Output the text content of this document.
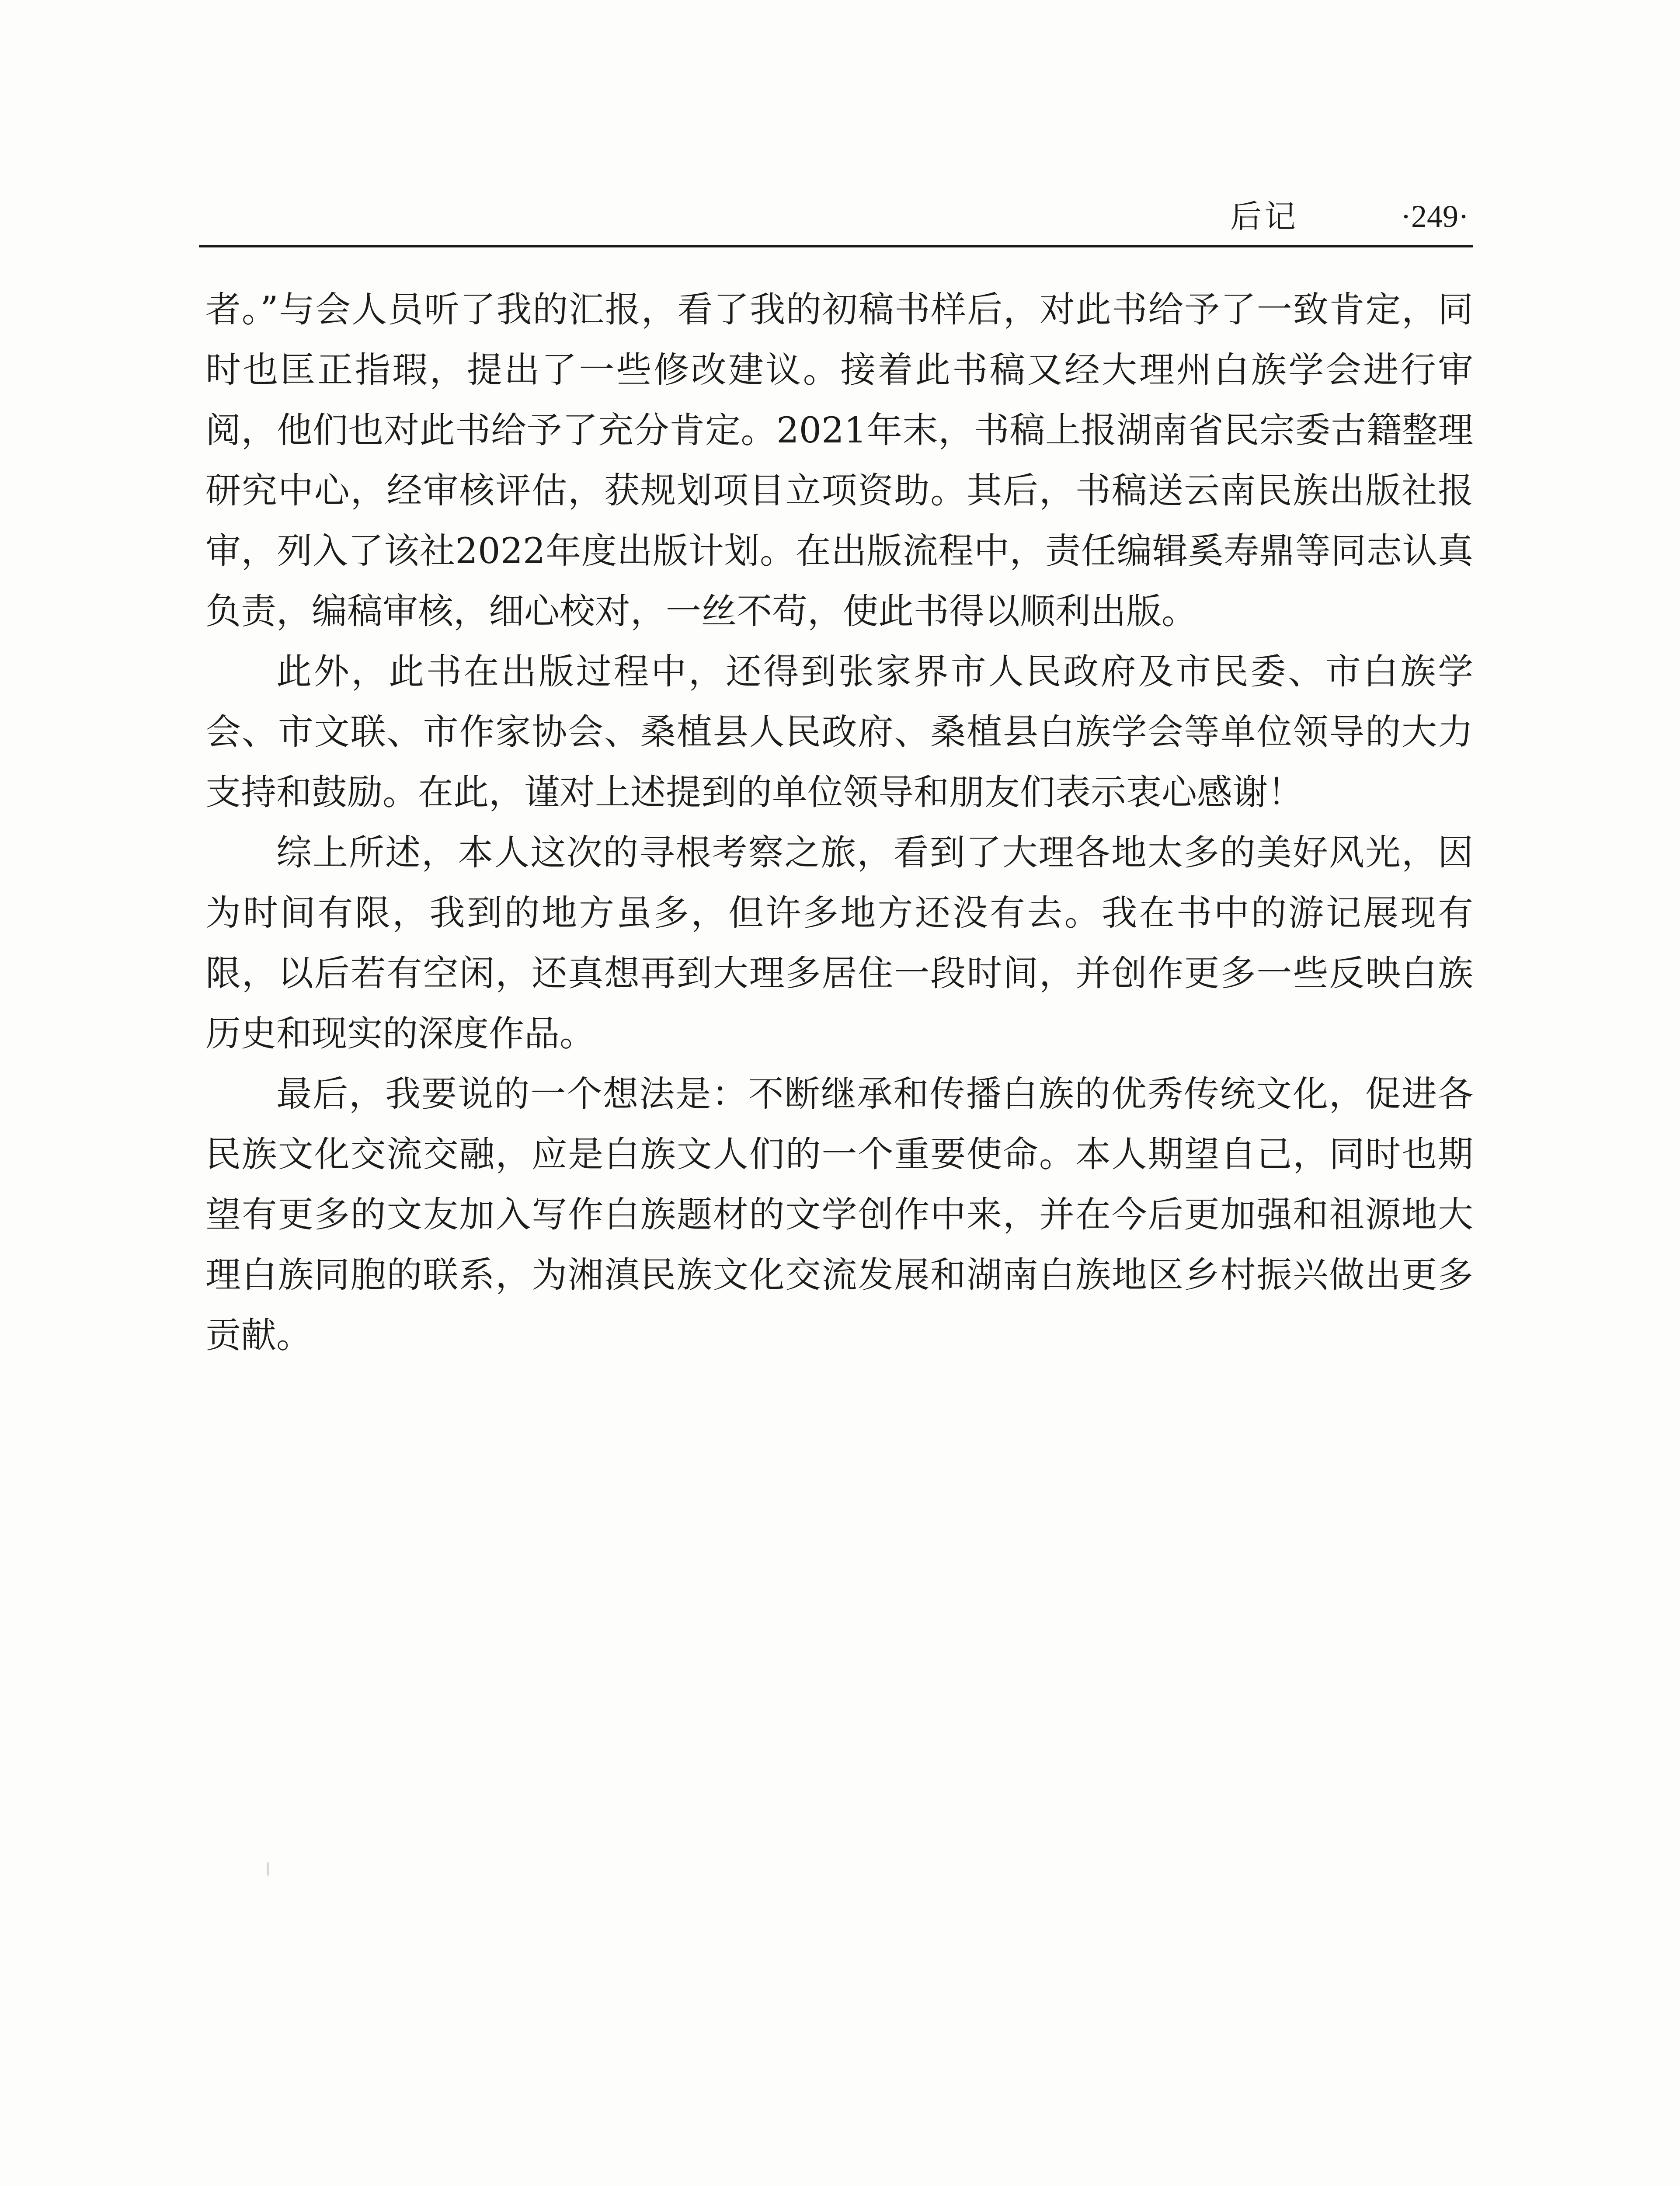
后记	·249·

者。”与会人员听了我的汇报，看了我的初稿书样后，对此书给予了一致肯定，同时也匡正指瑕，提出了一些修改建议。接着此书稿又经大理州白族学会进行审阅，他们也对此书给予了充分肯定。2021年末，书稿上报湖南省民宗委古籍整理研究中心，经审核评估，获规划项目立项资助。其后，书稿送云南民族出版社报审，列入了该社2022年度出版计划。在出版流程中，责任编辑奚寿鼎等同志认真负责，编稿审核，细心校对，一丝不苟，使此书得以顺利出版。

此外，此书在出版过程中，还得到张家界市人民政府及市民委、市白族学会、市文联、市作家协会、桑植县人民政府、桑植县白族学会等单位领导的大力支持和鼓励。在此，谨对上述提到的单位领导和朋友们表示衷心感谢！

综上所述，本人这次的寻根考察之旅，看到了大理各地太多的美好风光，因为时间有限，我到的地方虽多，但许多地方还没有去。我在书中的游记展现有限，以后若有空闲，还真想再到大理多居住一段时间，并创作更多一些反映白族历史和现实的深度作品。

最后，我要说的一个想法是：不断继承和传播白族的优秀传统文化，促进各民族文化交流交融，应是白族文人们的一个重要使命。本人期望自己，同时也期望有更多的文友加入写作白族题材的文学创作中来，并在今后更加强和祖源地大理白族同胞的联系，为湘滇民族文化交流发展和湖南白族地区乡村振兴做出更多贡献。
